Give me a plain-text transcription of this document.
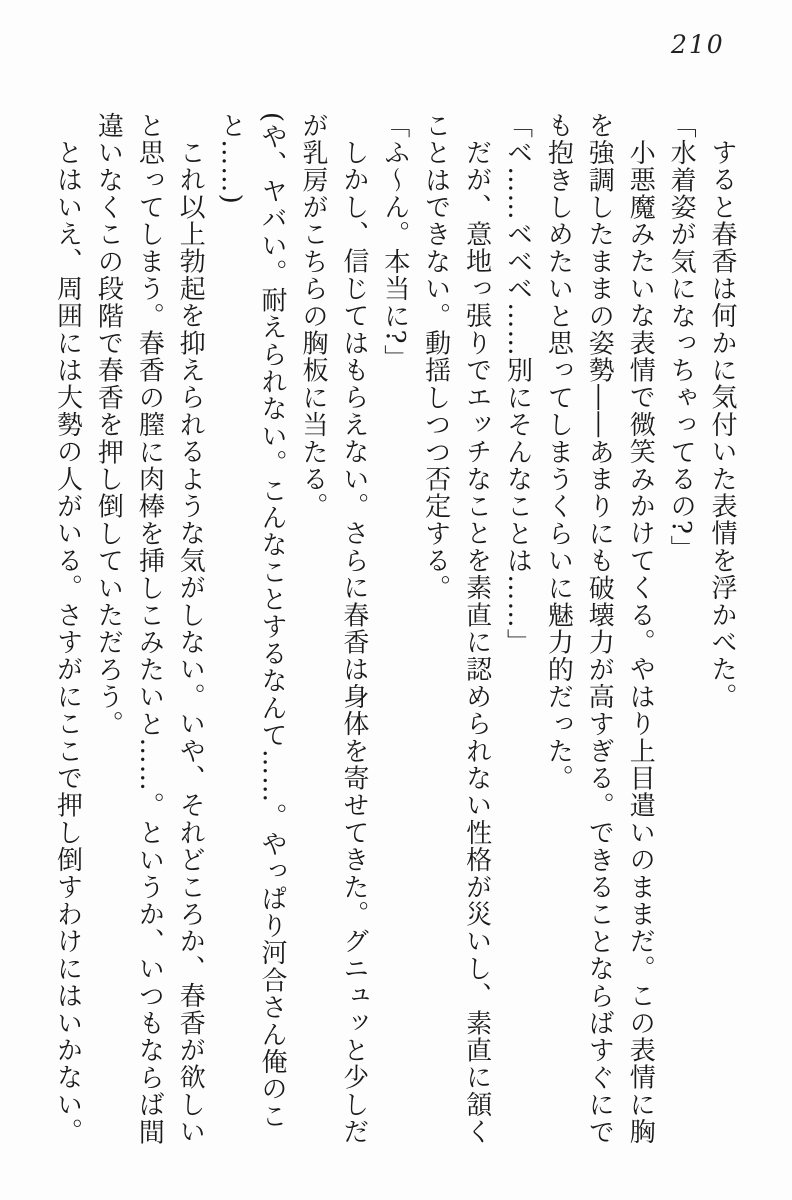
210

すると春香は何かに気付いた表情を浮かべた。

「水着姿が気になっちゃってるの?」

小悪魔みたいな表情で微笑みかけてくる。やはり上目遣いのままだ。この表情に胸を強調したままの姿勢――あまりにも破壊力が高すぎる。できることならばすぐにでも抱きしめたいと思ってしまうくらいに魅力的だった。

「ベ……ベベベ……別にそんなことは……」

だが、意地っ張りでエッチなことを素直に認められない性格が災いし、素直に頷くことはできない。動揺しつつ否定する。

「ふ〜ん。本当に?」

しかし、信じてはもらえない。さらに春香は身体を寄せてきた。グニュッと少しだが乳房がこちらの胸板に当たる。

(や、ヤバい。耐えられない。こんなことするなんて……。やっぱり河合さん俺のこと……)

これ以上勃起を抑えられるような気がしない。いや、それどころか、春香が欲しいと思ってしまう。春香の膣に肉棒を挿しこみたいと……。というか、いつもならば間違いなくこの段階で春香を押し倒していただろう。

とはいえ、周囲には大勢の人がいる。さすがにここで押し倒すわけにはいかない。
